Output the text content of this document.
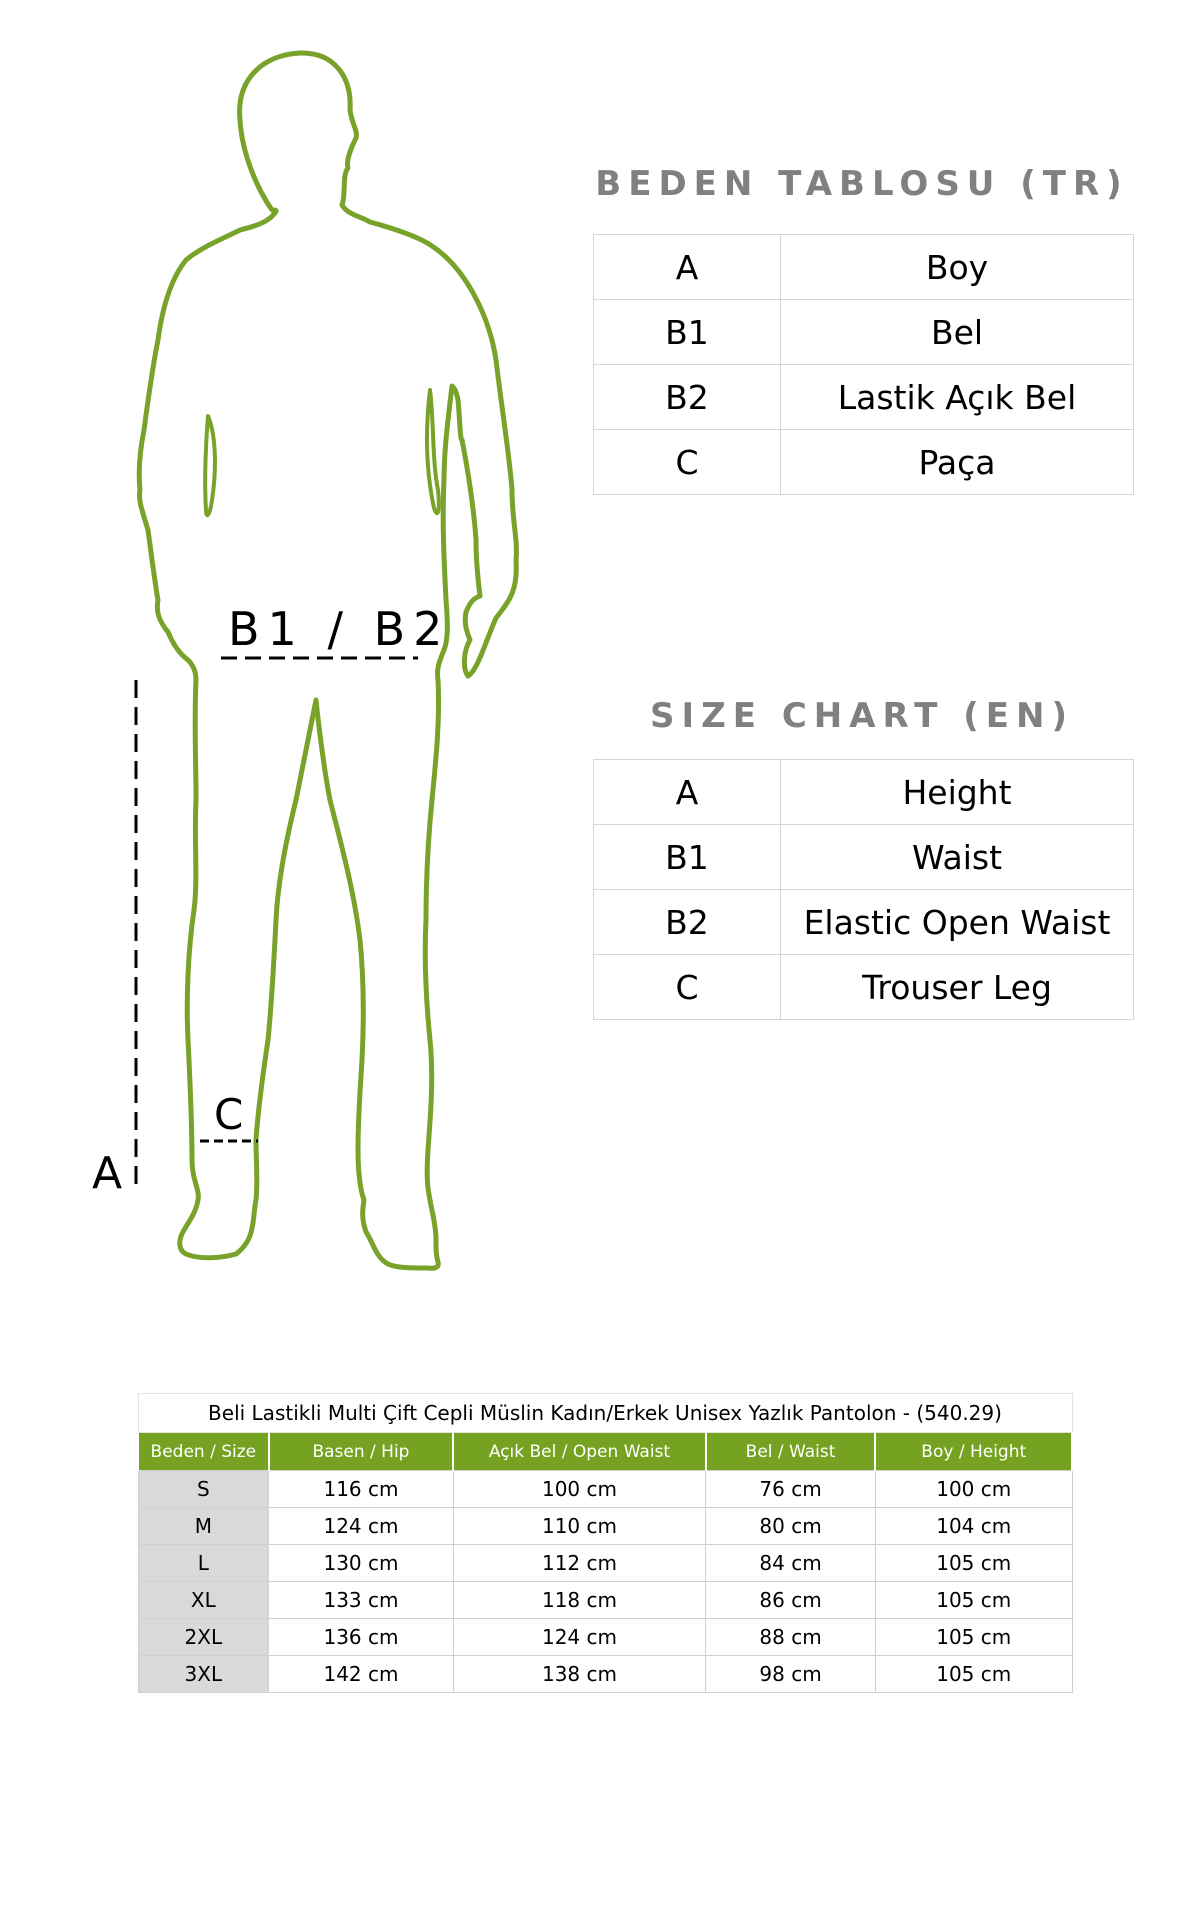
B1 / B2
C
A
BEDEN TABLOSU (TR)
A	Boy
B1	Bel
B2	Lastik Açık Bel
C	Paça
SIZE CHART (EN)
A	Height
B1	Waist
B2	Elastic Open Waist
C	Trouser Leg
Beli Lastikli Multi Çift Cepli Müslin Kadın/Erkek Unisex Yazlık Pantolon - (540.29)				
Beden / Size	Basen / Hip	Açık Bel / Open Waist	Bel / Waist	Boy / Height
S	116 cm	100 cm	76 cm	100 cm
M	124 cm	110 cm	80 cm	104 cm
L	130 cm	112 cm	84 cm	105 cm
XL	133 cm	118 cm	86 cm	105 cm
2XL	136 cm	124 cm	88 cm	105 cm
3XL	142 cm	138 cm	98 cm	105 cm
